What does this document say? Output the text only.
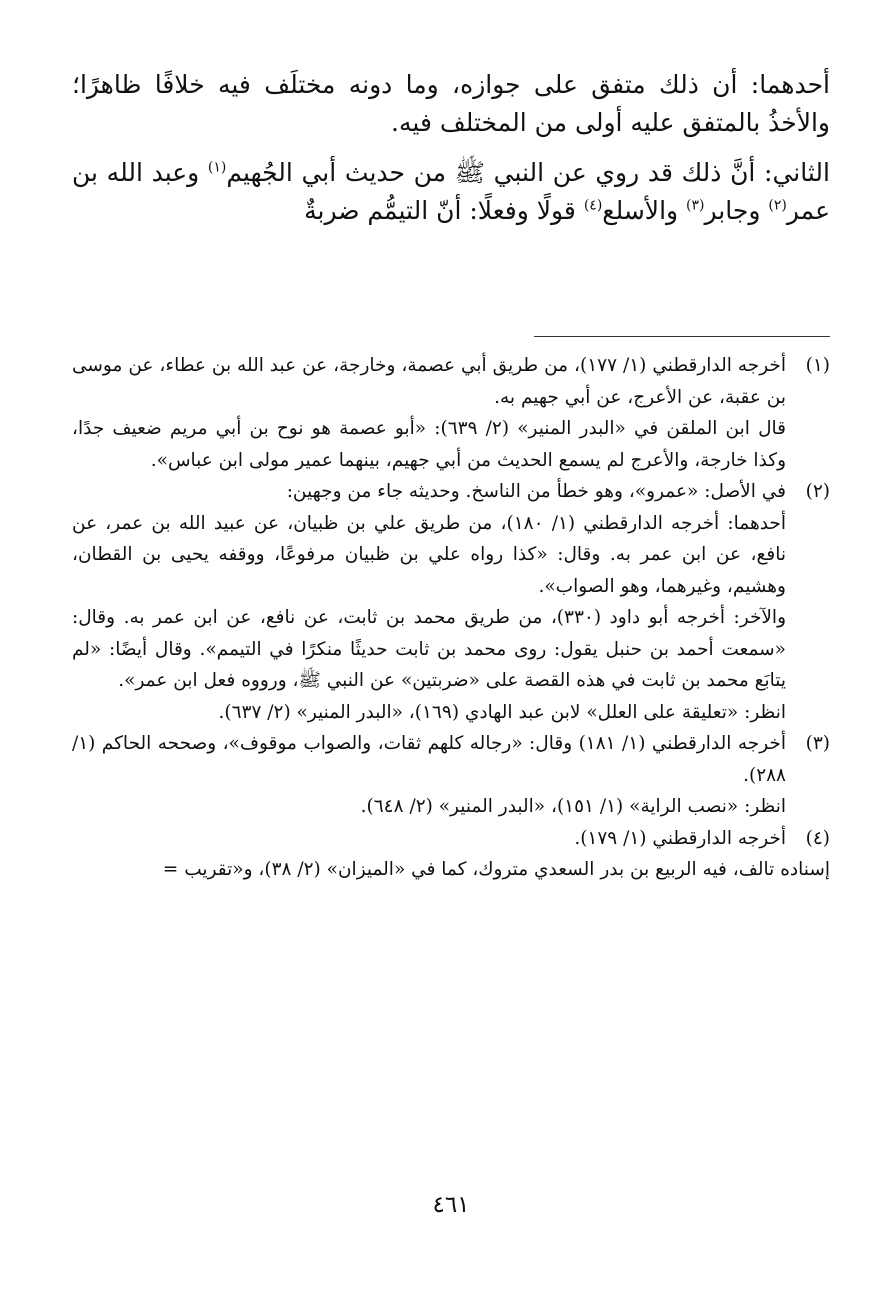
أحدهما: أن ذلك متفق على جوازه، وما دونه مختلَف فيه خلافًا ظاهرًا؛ والأخذُ بالمتفق عليه أولى من المختلف فيه.

الثاني: أنَّ ذلك قد روي عن النبي ﷺ من حديث أبي الجُهيم$^{(١)}$ وعبد الله بن عمر$^{(٢)}$ وجابر$^{(٣)}$ والأسلع$^{(٤)}$ قولًا وفعلًا: أنّ التيمُّم ضربةٌ

(١)
أخرجه الدارقطني (١/ ١٧٧)، من طريق أبي عصمة، وخارجة، عن عبد الله بن عطاء، عن موسى بن عقبة، عن الأعرج، عن أبي جهيم به.
قال ابن الملقن في «البدر المنير» (٢/ ٦٣٩): «أبو عصمة هو نوح بن أبي مريم ضعيف جدًا، وكذا خارجة، والأعرج لم يسمع الحديث من أبي جهيم، بينهما عمير مولى ابن عباس».
(٢)
في الأصل: «عمرو»، وهو خطأ من الناسخ. وحديثه جاء من وجهين:
أحدهما: أخرجه الدارقطني (١/ ١٨٠)، من طريق علي بن ظبيان، عن عبيد الله بن عمر، عن نافع، عن ابن عمر به. وقال: «كذا رواه علي بن ظبيان مرفوعًا، ووقفه يحيى بن القطان، وهشيم، وغيرهما، وهو الصواب».
والآخر: أخرجه أبو داود (٣٣٠)، من طريق محمد بن ثابت، عن نافع، عن ابن عمر به. وقال: «سمعت أحمد بن حنبل يقول: روى محمد بن ثابت حديثًا منكرًا في التيمم». وقال أيضًا: «لم يتابَع محمد بن ثابت في هذه القصة على «ضربتين» عن النبي ﷺ، ورووه فعل ابن عمر».
انظر: «تعليقة على العلل» لابن عبد الهادي (١٦٩)، «البدر المنير» (٢/ ٦٣٧).
(٣)
أخرجه الدارقطني (١/ ١٨١) وقال: «رجاله كلهم ثقات، والصواب موقوف»، وصححه الحاكم (١/ ٢٨٨).
انظر: «نصب الراية» (١/ ١٥١)، «البدر المنير» (٢/ ٦٤٨).
(٤)
أخرجه الدارقطني (١/ ١٧٩).
إسناده تالف، فيه الربيع بن بدر السعدي متروك، كما في «الميزان» (٢/ ٣٨)، و«تقريب=
٤٦١
